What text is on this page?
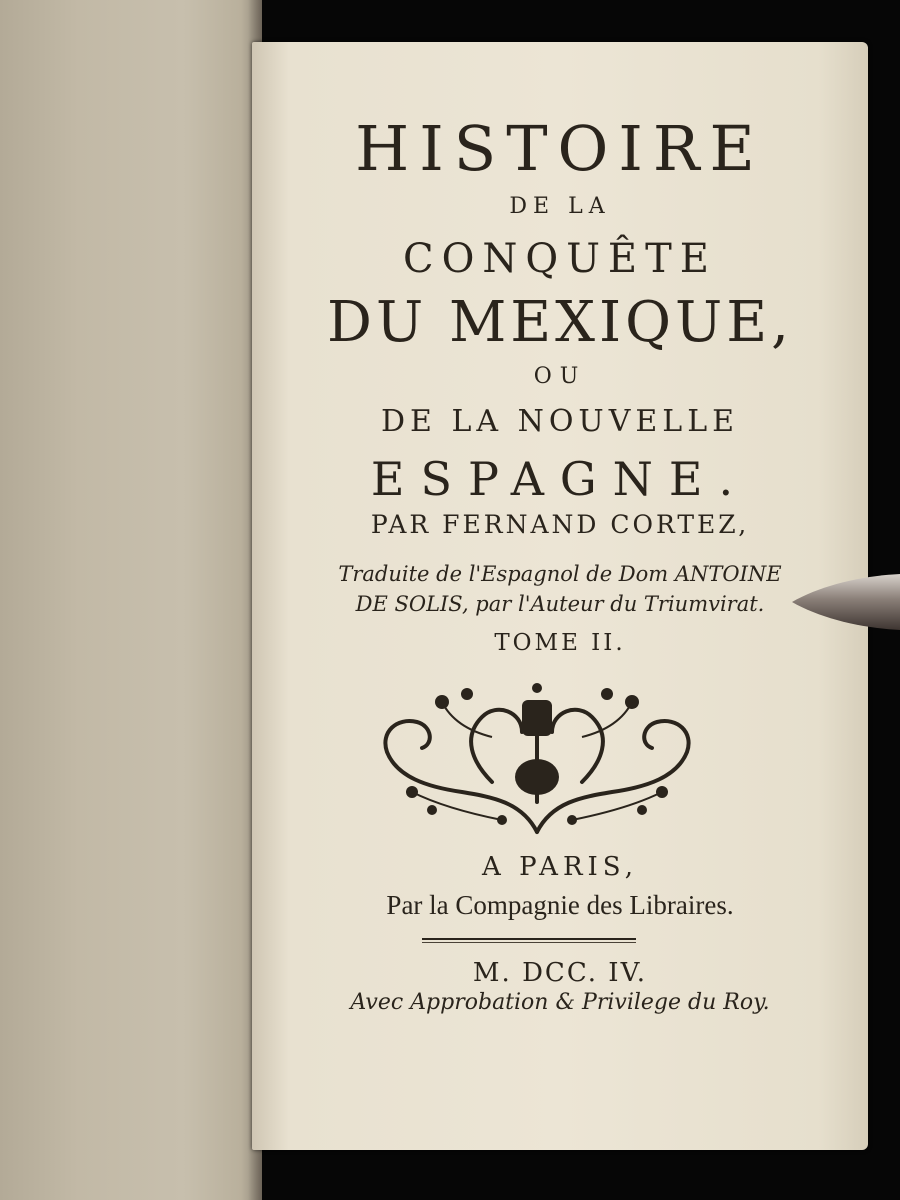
HISTOIRE
DE LA
CONQUÊTE
DU MEXIQUE,
OU
DE LA NOUVELLE
ESPAGNE.
PAR FERNAND CORTEZ,
Traduite de l'Espagnol de Dom ANTOINE
DE SOLIS, par l'Auteur du Triumvirat.
TOME II.
A PARIS,
Par la Compagnie des Libraires.
M. DCC. IV.
Avec Approbation & Privilege du Roy.
